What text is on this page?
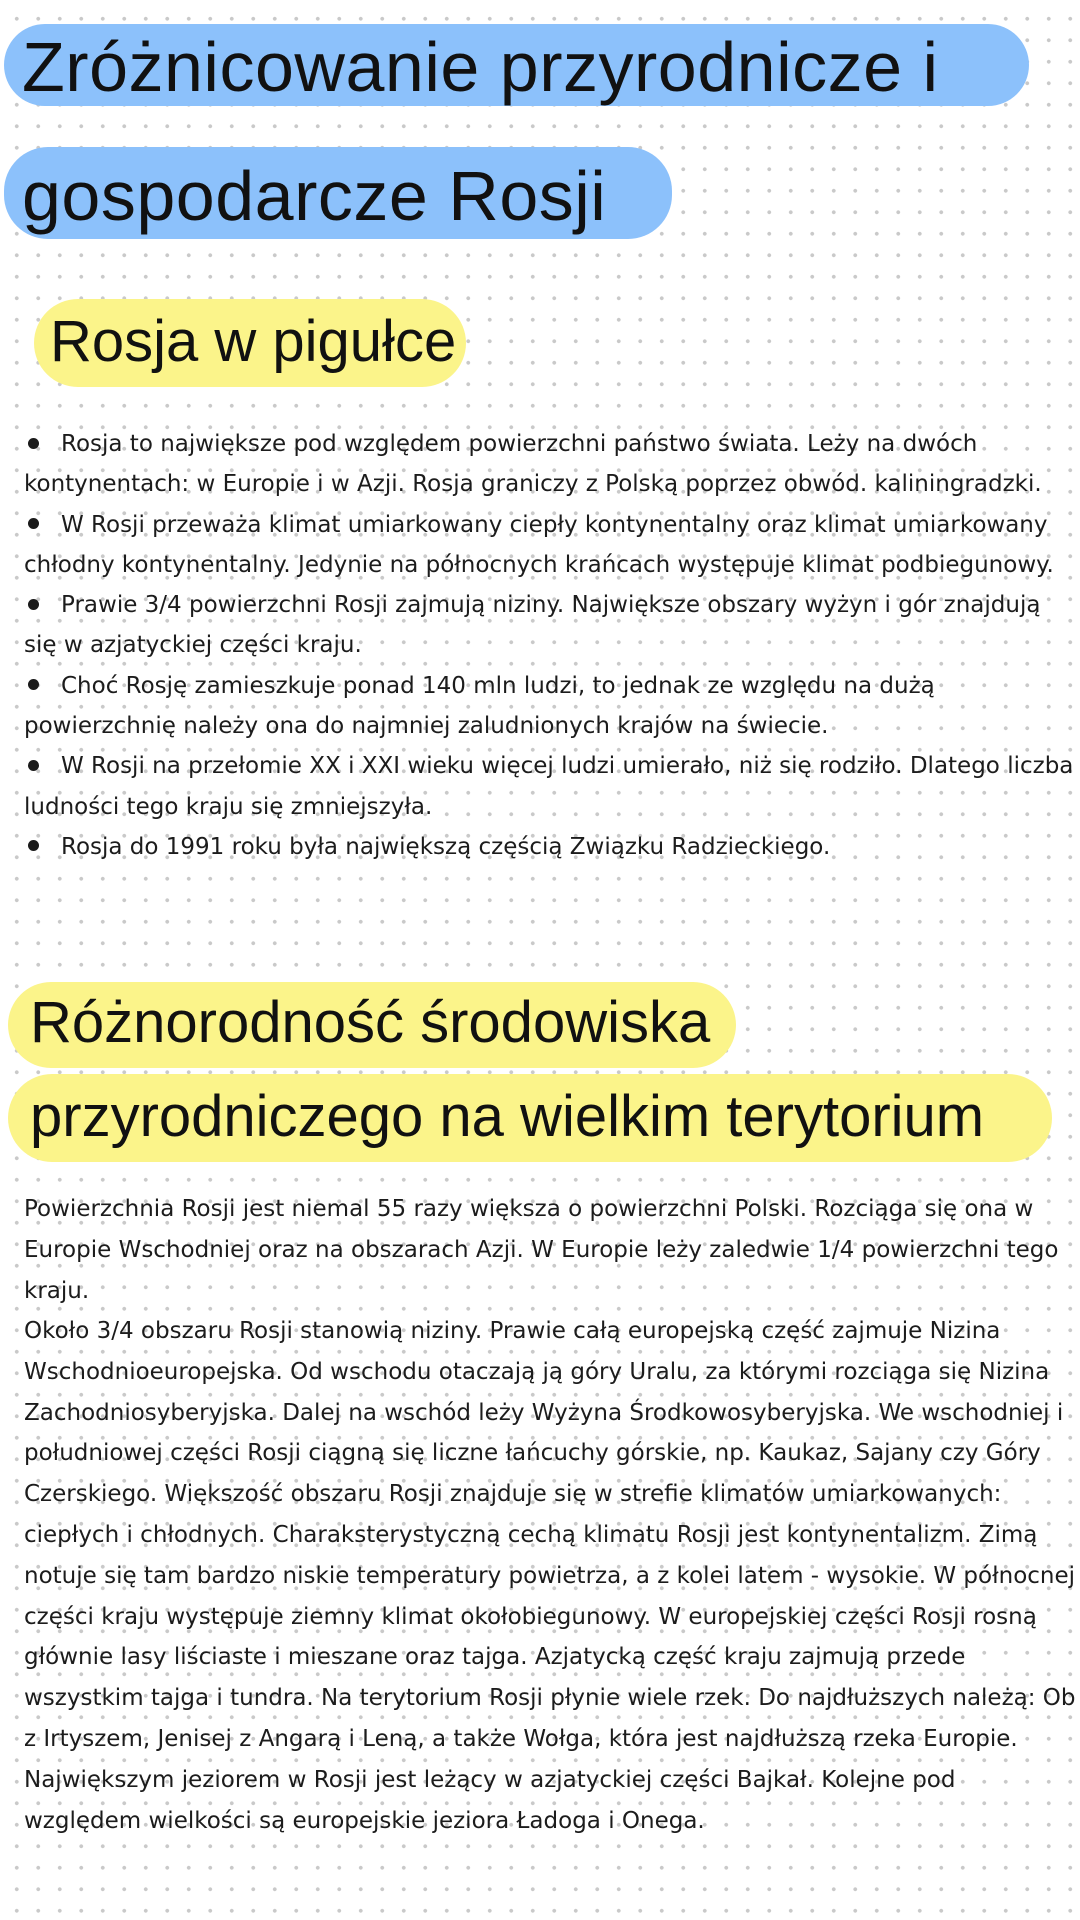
Zróżnicowanie przyrodnicze i
gospodarcze Rosji
Rosja w pigułce
Rosja to największe pod względem powierzchni państwo świata. Leży na dwóch kontynentach: w Europie i w Azji. Rosja graniczy z Polską poprzez obwód. kaliningradzki.
W Rosji przeważa klimat umiarkowany ciepły kontynentalny oraz klimat umiarkowany chłodny kontynentalny. Jedynie na północnych krańcach występuje klimat podbiegunowy.
Prawie 3/4 powierzchni Rosji zajmują niziny. Największe obszary wyżyn i gór znajdują się w azjatyckiej części kraju.
Choć Rosję zamieszkuje ponad 140 mln ludzi, to jednak ze względu na dużą powierzchnię należy ona do najmniej zaludnionych krajów na świecie.
W Rosji na przełomie XX i XXI wieku więcej ludzi umierało, niż się rodziło. Dlatego liczba ludności tego kraju się zmniejszyła.
Rosja do 1991 roku była największą częścią Związku Radzieckiego.
Różnorodność środowiska
przyrodniczego na wielkim terytorium

Powierzchnia Rosji jest niemal 55 razy większa o powierzchni Polski. Rozciąga się ona w Europie Wschodniej oraz na obszarach Azji. W Europie leży zaledwie 1/4 powierzchni tego kraju.

Około 3/4 obszaru Rosji stanowią niziny. Prawie całą europejską część zajmuje Nizina Wschodnioeuropejska. Od wschodu otaczają ją góry Uralu, za którymi rozciąga się Nizina Zachodniosyberyjska. Dalej na wschód leży Wyżyna Środkowosyberyjska. We wschodniej i południowej części Rosji ciągną się liczne łańcuchy górskie, np. Kaukaz, Sajany czy Góry Czerskiego. Większość obszaru Rosji znajduje się w strefie klimatów umiarkowanych: ciepłych i chłodnych. Charaksterystyczną cechą klimatu Rosji jest kontynentalizm. Zimą notuje się tam bardzo niskie temperatury powietrza, a z kolei latem - wysokie. W północnej części kraju występuje ziemny klimat okołobiegunowy. W europejskiej części Rosji rosną głównie lasy liściaste i mieszane oraz tajga. Azjatycką część kraju zajmują przede wszystkim tajga i tundra. Na terytorium Rosji płynie wiele rzek. Do najdłuższych należą: Ob z Irtyszem, Jenisej z Angarą i Leną, a także Wołga, która jest najdłuższą rzeka Europie. Największym jeziorem w Rosji jest leżący w azjatyckiej części Bajkał. Kolejne pod względem wielkości są europejskie jeziora Ładoga i Onega.
